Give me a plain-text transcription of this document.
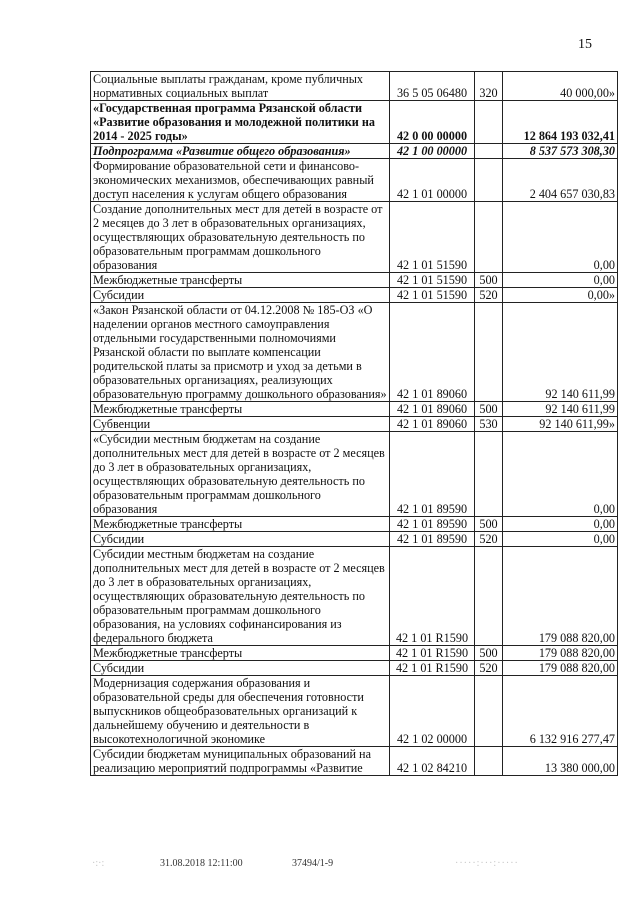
15
Социальные выплаты гражданам, кроме публичных нормативных социальных выплат	36 5 05 06480	320	40 000,00»
«Государственная программа Рязанской области «Развитие образования и молодежной политики на 2014 - 2025 годы»	42 0 00 00000		12 864 193 032,41
Подпрограмма «Развитие общего образования»	42 1 00 00000		8 537 573 308,30
Формирование образовательной сети и финансово-экономических механизмов, обеспечивающих равный доступ населения к услугам общего образования	42 1 01 00000		2 404 657 030,83
Создание дополнительных мест для детей в возрасте от 2 месяцев до 3 лет в образовательных организациях, осуществляющих образовательную деятельность по образовательным программам дошкольного образования	42 1 01 51590		0,00
Межбюджетные трансферты	42 1 01 51590	500	0,00
Субсидии	42 1 01 51590	520	0,00»
«Закон Рязанской области от 04.12.2008 № 185-ОЗ «О наделении органов местного самоуправления отдельными государственными полномочиями Рязанской области по выплате компенсации родительской платы за присмотр и уход за детьми в образовательных организациях, реализующих образовательную программу дошкольного образования»	42 1 01 89060		92 140 611,99
Межбюджетные трансферты	42 1 01 89060	500	92 140 611,99
Субвенции	42 1 01 89060	530	92 140 611,99»
«Субсидии местным бюджетам на создание дополнительных мест для детей в возрасте от 2 месяцев до 3 лет в образовательных организациях, осуществляющих образовательную деятельность по образовательным программам дошкольного образования	42 1 01 89590		0,00
Межбюджетные трансферты	42 1 01 89590	500	0,00
Субсидии	42 1 01 89590	520	0,00
Субсидии местным бюджетам на создание дополнительных мест для детей в возрасте от 2 месяцев до 3 лет в образовательных организациях, осуществляющих образовательную деятельность по образовательным программам дошкольного образования, на условиях софинансирования из федерального бюджета	42 1 01 R1590		179 088 820,00
Межбюджетные трансферты	42 1 01 R1590	500	179 088 820,00
Субсидии	42 1 01 R1590	520	179 088 820,00
Модернизация содержания образования и образовательной среды для обеспечения готовности выпускников общеобразовательных организаций к дальнейшему обучению и деятельности в высокотехнологичной экономике	42 1 02 00000		6 132 916 277,47
Субсидии бюджетам муниципальных образований на реализацию мероприятий подпрограммы «Развитие	42 1 02 84210		13 380 000,00
·:·:	31.08.2018 12:11:00	37494/1-9	·····:···:·····
